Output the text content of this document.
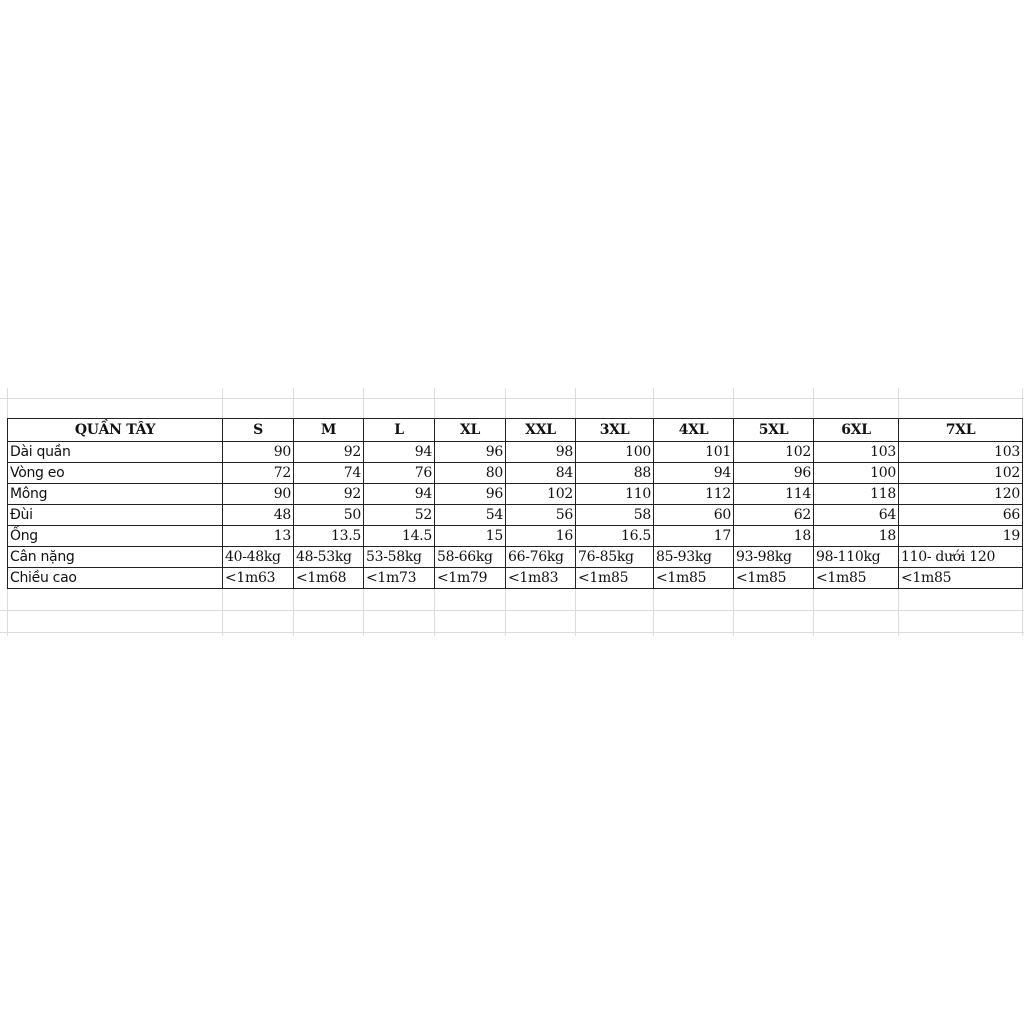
QUẦN TÂY	S	M	L	XL	XXL	3XL	4XL	5XL	6XL	7XL
Dài quần	90	92	94	96	98	100	101	102	103	103
Vòng eo	72	74	76	80	84	88	94	96	100	102
Mông	90	92	94	96	102	110	112	114	118	120
Đùi	48	50	52	54	56	58	60	62	64	66
Ống	13	13.5	14.5	15	16	16.5	17	18	18	19
Cân nặng	40-48kg	48-53kg	53-58kg	58-66kg	66-76kg	76-85kg	85-93kg	93-98kg	98-110kg	110- dưới 120
Chiều cao	<1m63	<1m68	<1m73	<1m79	<1m83	<1m85	<1m85	<1m85	<1m85	<1m85
